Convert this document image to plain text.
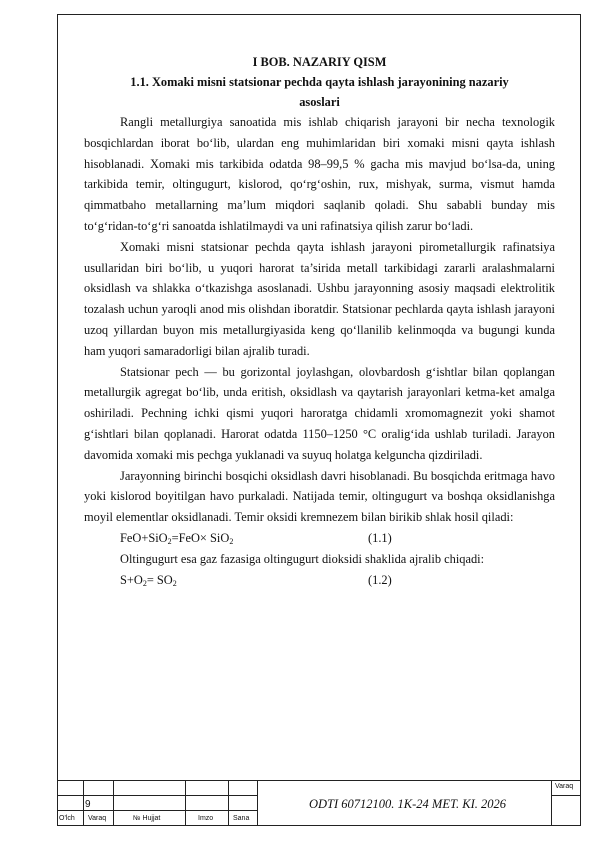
I BOB. NAZARIY QISM

1.1. Xomaki misni statsionar pechda qayta ishlash jarayonining nazariy

asoslari

Rangli metallurgiya sanoatida mis ishlab chiqarish jarayoni bir necha texnologik bosqichlardan iborat bo‘lib, ulardan eng muhimlaridan biri xomaki misni qayta ishlash hisoblanadi. Xomaki mis tarkibida odatda 98–99,5 % gacha mis mavjud bo‘lsa-da, uning tarkibida temir, oltingugurt, kislorod, qo‘rg‘oshin, rux, mishyak, surma, vismut hamda qimmatbaho metallarning ma’lum miqdori saqlanib qoladi. Shu sababli bunday mis to‘g‘ridan-to‘g‘ri sanoatda ishlatilmaydi va uni rafinatsiya qilish zarur bo‘ladi.

Xomaki misni statsionar pechda qayta ishlash jarayoni pirometallurgik rafinatsiya usullaridan biri bo‘lib, u yuqori harorat ta’sirida metall tarkibidagi zararli aralashmalarni oksidlash va shlakka o‘tkazishga asoslanadi. Ushbu jarayonning asosiy maqsadi elektrolitik tozalash uchun yaroqli anod mis olishdan iboratdir. Statsionar pechlarda qayta ishlash jarayoni uzoq yillardan buyon mis metallurgiyasida keng qo‘llanilib kelinmoqda va bugungi kunda ham yuqori samaradorligi bilan ajralib turadi.

Statsionar pech — bu gorizontal joylashgan, olovbardosh g‘ishtlar bilan qoplangan metallurgik agregat bo‘lib, unda eritish, oksidlash va qaytarish jarayonlari ketma-ket amalga oshiriladi. Pechning ichki qismi yuqori haroratga chidamli xromomagnezit yoki shamot g‘ishtlari bilan qoplanadi. Harorat odatda 1150–1250 °C oralig‘ida ushlab turiladi. Jarayon davomida xomaki mis pechga yuklanadi va suyuq holatga kelguncha qizdiriladi.

Jarayonning birinchi bosqichi oksidlash davri hisoblanadi. Bu bosqichda eritmaga havo yoki kislorod boyitilgan havo purkaladi. Natijada temir, oltingugurt va boshqa oksidlanishga moyil elementlar oksidlanadi. Temir oksidi kremnezem bilan birikib shlak hosil qiladi:

FeO+SiO$_2$=FeO× SiO$_2$	(1.1)

Oltingugurt esa gaz fazasiga oltingugurt dioksidi shaklida ajralib chiqadi:

$S+O_2= SO_2$	(1.2)
9	ODTI 60712100. 1K-24 MET. KI. 2026
Varaq
O'lch Varaq	№ Hujjat	Imzo	Sana
